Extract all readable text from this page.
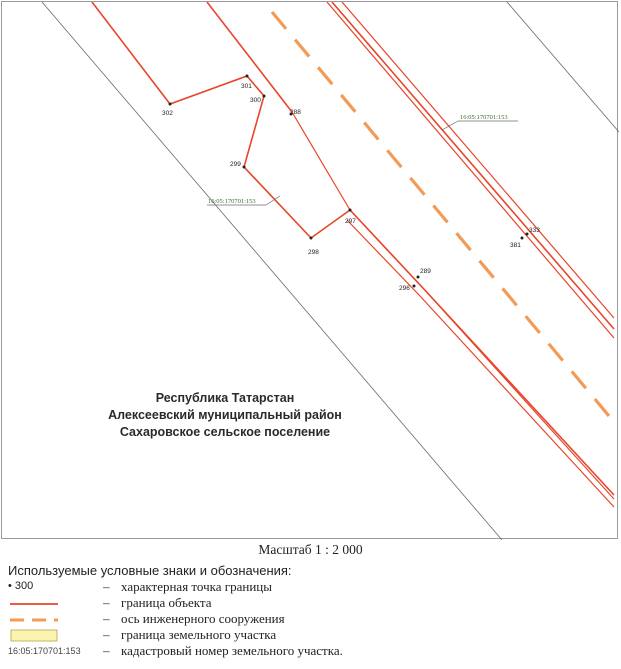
302
301
300
288
299
298
297
289
296
381
333
16:05:170701:153
16:05:170701:153
Республика Татарстан
Алексеевский муниципальный район
Сахаровское сельское поселение
Масштаб 1 : 2 000
Используемые условные знаки и обозначения:
• 300	– характерная точка границы
– граница объекта
– ось инженерного сооружения
– граница земельного участка
16:05:170701:153 – кадастровый номер земельного участка.
